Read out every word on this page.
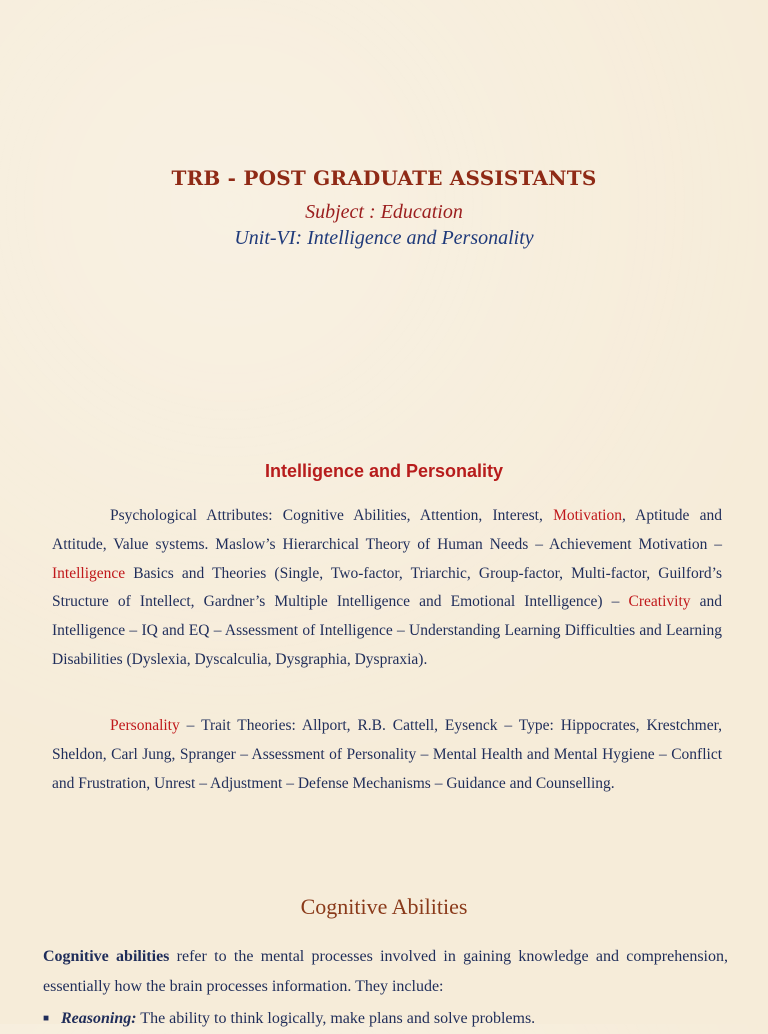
TRB - POST GRADUATE ASSISTANTS
Subject : Education
Unit-VI: Intelligence and Personality
Intelligence and Personality

Psychological Attributes: Cognitive Abilities, Attention, Interest, Motivation, Aptitude and Attitude, Value systems. Maslow’s Hierarchical Theory of Human Needs – Achievement Motivation – Intelligence Basics and Theories (Single, Two-factor, Triarchic, Group-factor, Multi-factor, Guilford’s Structure of Intellect, Gardner’s Multiple Intelligence and Emotional Intelligence) – Creativity and Intelligence – IQ and EQ – Assessment of Intelligence – Understanding Learning Difficulties and Learning Disabilities (Dyslexia, Dyscalculia, Dysgraphia, Dyspraxia).

Personality – Trait Theories: Allport, R.B. Cattell, Eysenck – Type: Hippocrates, Krestchmer, Sheldon, Carl Jung, Spranger – Assessment of Personality – Mental Health and Mental Hygiene – Conflict and Frustration, Unrest – Adjustment – Defense Mechanisms – Guidance and Counselling.

Cognitive Abilities

Cognitive abilities refer to the mental processes involved in gaining knowledge and comprehension, essentially how the brain processes information. They include:

■ Reasoning: The ability to think logically, make plans and solve problems.
